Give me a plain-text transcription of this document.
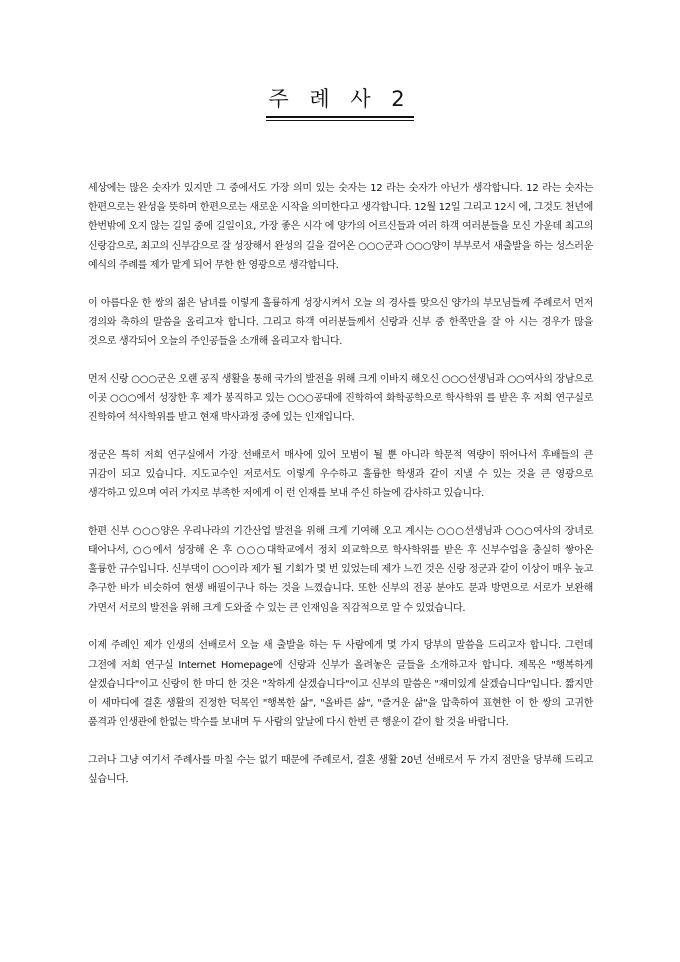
주 례 사 2

세상에는 많은 숫자가 있지만 그 중에서도 가장 의미 있는 숫자는 12 라는 숫자가 아닌가 생각합니다. 12 라는 숫자는 한편으로는 완성을 뜻하며 한편으로는 새로운 시작을 의미한다고 생각합니다. 12월 12일 그리고 12시 에, 그것도 천년에 한번밖에 오지 않는 길일 중에 길일이요, 가장 좋은 시각 에 양가의 어르신들과 여러 하객 여러분들을 모신 가운데 최고의 신랑감으로, 최고의 신부감으로 잘 성장해서 완성의 길을 걸어온 ○○○군과 ○○○양이 부부로서 새출발을 하는 성스러운 예식의 주례를 제가 맡게 되어 무한 한 영광으로 생각합니다.

이 아름다운 한 쌍의 젊은 남녀를 이렇게 훌륭하게 성장시켜서 오늘 의 경사를 맞으신 양가의 부모님들께 주례로서 먼저 경의와 축하의 말씀을 올리고자 합니다. 그리고 하객 여러분들께서 신랑과 신부 중 한쪽만을 잘 아 시는 경우가 많을 것으로 생각되어 오늘의 주인공들을 소개해 올리고자 합니다.

먼저 신랑 ○○○군은 오랜 공직 생활을 통해 국가의 발전을 위해 크게 이바지 해오신 ○○○선생님과 ○○여사의 장남으로 이곳 ○○○에서 성장한 후 제가 봉직하고 있는 ○○○공대에 진학하여 화학공학으로 학사학위 를 받은 후 저희 연구실로 진학하여 석사학위를 받고 현재 박사과정 중에 있는 인재입니다.

정군은 특히 저희 연구실에서 가장 선배로서 매사에 있어 모범이 될 뿐 아니라 학문적 역량이 뛰어나서 후배들의 큰 귀감이 되고 있습니다. 지도교수인 저로서도 이렇게 우수하고 훌륭한 학생과 같이 지낼 수 있는 것을 큰 영광으로 생각하고 있으며 여러 가지로 부족한 저에게 이 런 인재를 보내 주신 하늘에 감사하고 있습니다.

한편 신부 ○○○양은 우리나라의 기간산업 발전을 위해 크게 기여해 오고 계시는 ○○○선생님과 ○○○여사의 장녀로 태어나서, ○○에서 성장해 온 후 ○○○대학교에서 정치 외교학으로 학사학위를 받은 후 신부수업을 충실히 쌓아온 훌륭한 규수입니다. 신부댁이 ○○이라 제가 될 기회가 몇 번 있었는데 제가 느낀 것은 신랑 정군과 같이 이상이 매우 높고 추구한 바가 비슷하여 현생 배필이구나 하는 것을 느꼈습니다. 또한 신부의 전공 분야도 문과 방면으로 서로가 보완해 가면서 서로의 발전을 위해 크게 도와줄 수 있는 큰 인재임을 직감적으로 알 수 있었습니다.

이제 주례인 제가 인생의 선배로서 오늘 새 출발을 하는 두 사람에게 몇 가지 당부의 말씀을 드리고자 합니다. 그런데 그전에 저희 연구실 Internet Homepage에 신랑과 신부가 올려놓은 글들을 소개하고자 합니다. 제목은 "행복하게 살겠습니다"이고 신랑이 한 마디 한 것은 "착하게 살겠습니다"이고 신부의 말씀은 "재미있게 살겠습니다"입니다. 짧지만 이 세마디에 결혼 생활의 진정한 덕목인 "행복한 삶", "올바른 삶", "즐거운 삶"을 압축하여 표현한 이 한 쌍의 고귀한 품격과 인생관에 한없는 박수를 보내며 두 사람의 앞날에 다시 한번 큰 행운이 같이 할 것을 바랍니다.

그러나 그냥 여기서 주례사를 마칠 수는 없기 때문에 주례로서, 결혼 생활 20년 선배로서 두 가지 점만을 당부해 드리고 싶습니다.
